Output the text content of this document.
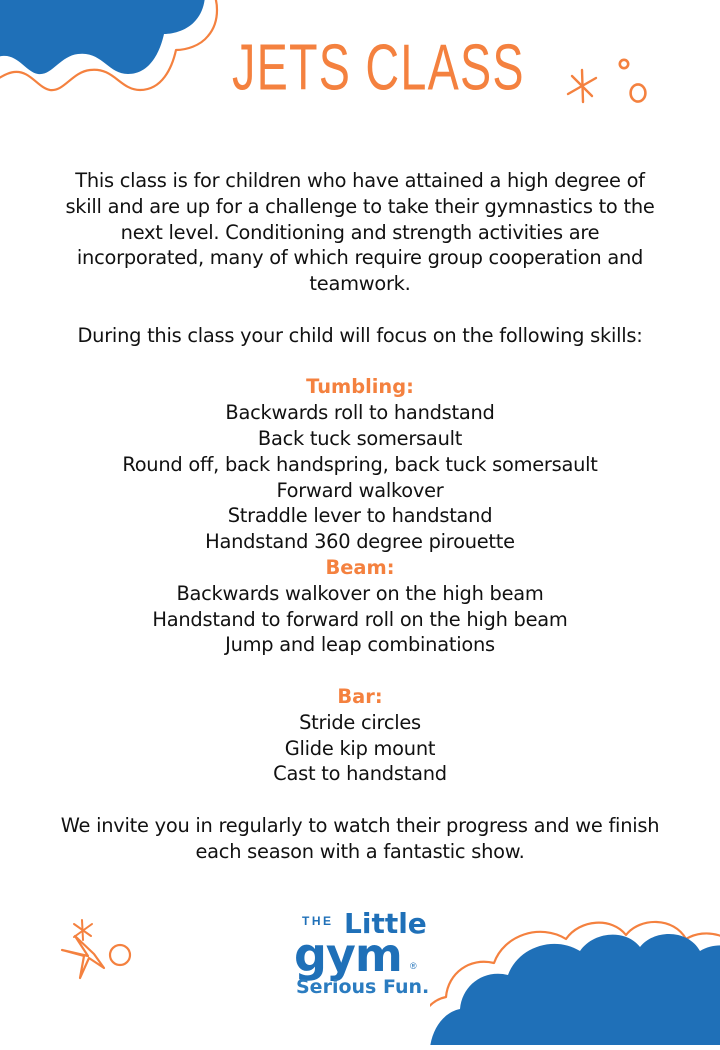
JETS CLASS

This class is for children who have attained a high degree of

skill and are up for a challenge to take their gymnastics to the

next level. Conditioning and strength activities are

incorporated, many of which require group cooperation and

teamwork.

During this class your child will focus on the following skills:

Tumbling:

Backwards roll to handstand

Back tuck somersault

Round off, back handspring, back tuck somersault

Forward walkover

Straddle lever to handstand

Handstand 360 degree pirouette

Beam:

Backwards walkover on the high beam

Handstand to forward roll on the high beam

Jump and leap combinations

Bar:

Stride circles

Glide kip mount

Cast to handstand

We invite you in regularly to watch their progress and we finish

each season with a fantastic show.

THE Little
gym ®
Serious Fun.
